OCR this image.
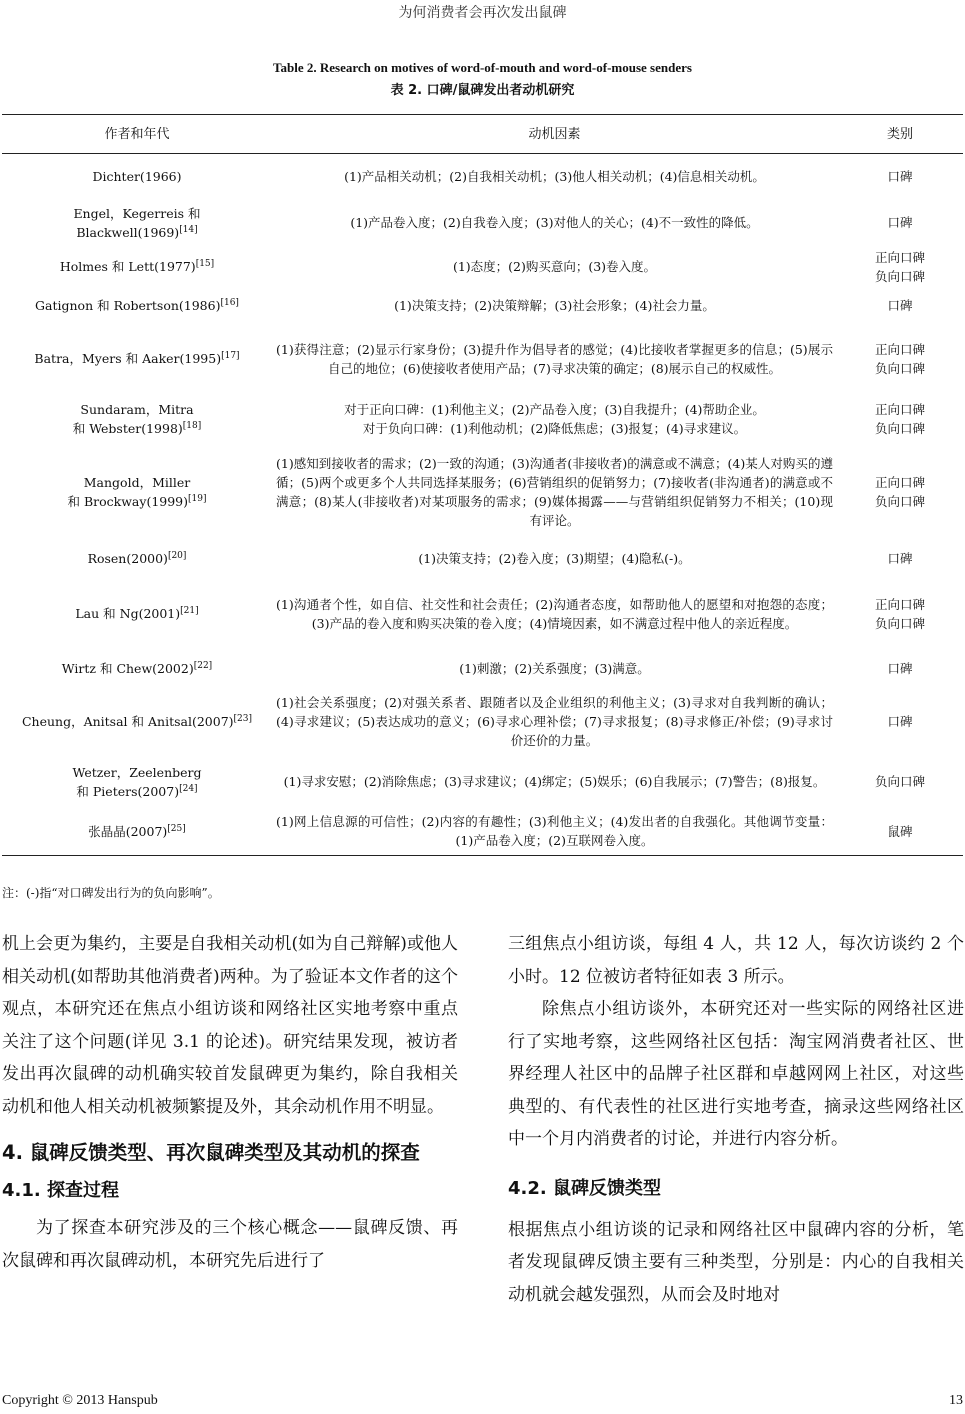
为何消费者会再次发出鼠碑
Table 2. Research on motives of word-of-mouth and word-of-mouse senders
表 2. 口碑/鼠碑发出者动机研究
作者和年代	动机因素	类别
Dichter(1966)	(1)产品相关动机；(2)自我相关动机；(3)他人相关动机；(4)信息相关动机。	口碑
Engel，Kegerreis 和
Blackwell(1969)[14]	(1)产品卷入度；(2)自我卷入度；(3)对他人的关心；(4)不一致性的降低。	口碑
Holmes 和 Lett(1977)[15]	(1)态度；(2)购买意向；(3)卷入度。	正向口碑
负向口碑
Gatignon 和 Robertson(1986)[16]	(1)决策支持；(2)决策辩解；(3)社会形象；(4)社会力量。	口碑
Batra，Myers 和 Aaker(1995)[17]	(1)获得注意；(2)显示行家身份；(3)提升作为倡导者的感觉；(4)比接收者掌握更多的信息；(5)展示自己的地位；(6)使接收者使用产品；(7)寻求决策的确定；(8)展示自己的权威性。	正向口碑
负向口碑
Sundaram，Mitra
和 Webster(1998)[18]	对于正向口碑：(1)利他主义；(2)产品卷入度；(3)自我提升；(4)帮助企业。
对于负向口碑：(1)利他动机；(2)降低焦虑；(3)报复；(4)寻求建议。	正向口碑
负向口碑
Mangold，Miller
和 Brockway(1999)[19]	(1)感知到接收者的需求；(2)一致的沟通；(3)沟通者(非接收者)的满意或不满意；(4)某人对购买的遵循；(5)两个或更多个人共同选择某服务；(6)营销组织的促销努力；(7)接收者(非沟通者)的满意或不满意；(8)某人(非接收者)对某项服务的需求；(9)媒体揭露——与营销组织促销努力不相关；(10)现有评论。	正向口碑
负向口碑
Rosen(2000)[20]	(1)决策支持；(2)卷入度；(3)期望；(4)隐私(-)。	口碑
Lau 和 Ng(2001)[21]	(1)沟通者个性，如自信、社交性和社会责任；(2)沟通者态度，如帮助他人的愿望和对抱怨的态度；(3)产品的卷入度和购买决策的卷入度；(4)情境因素，如不满意过程中他人的亲近程度。	正向口碑
负向口碑
Wirtz 和 Chew(2002)[22]	(1)刺激；(2)关系强度；(3)满意。	口碑
Cheung，Anitsal 和 Anitsal(2007)[23]	(1)社会关系强度；(2)对强关系者、跟随者以及企业组织的利他主义；(3)寻求对自我判断的确认；(4)寻求建议；(5)表达成功的意义；(6)寻求心理补偿；(7)寻求报复；(8)寻求修正/补偿；(9)寻求讨价还价的力量。	口碑
Wetzer，Zeelenberg
和 Pieters(2007)[24]	(1)寻求安慰；(2)消除焦虑；(3)寻求建议；(4)绑定；(5)娱乐；(6)自我展示；(7)警告；(8)报复。	负向口碑
张晶晶(2007)[25]	(1)网上信息源的可信性；(2)内容的有趣性；(3)利他主义；(4)发出者的自我强化。其他调节变量：(1)产品卷入度；(2)互联网卷入度。	鼠碑
注：(-)指“对口碑发出行为的负向影响”。

机上会更为集约，主要是自我相关动机(如为自己辩解)或他人相关动机(如帮助其他消费者)两种。为了验证本文作者的这个观点，本研究还在焦点小组访谈和网络社区实地考察中重点关注了这个问题(详见 3.1 的论述)。研究结果发现，被访者发出再次鼠碑的动机确实较首发鼠碑更为集约，除自我相关动机和他人相关动机被频繁提及外，其余动机作用不明显。

4. 鼠碑反馈类型、再次鼠碑类型及其动机的探查
4.1. 探查过程

为了探查本研究涉及的三个核心概念——鼠碑反馈、再次鼠碑和再次鼠碑动机，本研究先后进行了

三组焦点小组访谈，每组 4 人，共 12 人，每次访谈约 2 个小时。12 位被访者特征如表 3 所示。

除焦点小组访谈外，本研究还对一些实际的网络社区进行了实地考察，这些网络社区包括：淘宝网消费者社区、世界经理人社区中的品牌子社区群和卓越网网上社区，对这些典型的、有代表性的社区进行实地考查，摘录这些网络社区中一个月内消费者的讨论，并进行内容分析。

4.2. 鼠碑反馈类型

根据焦点小组访谈的记录和网络社区中鼠碑内容的分析，笔者发现鼠碑反馈主要有三种类型，分别是：内心的自我相关动机就会越发强烈，从而会及时地对

Copyright © 2013 Hanspub	13
